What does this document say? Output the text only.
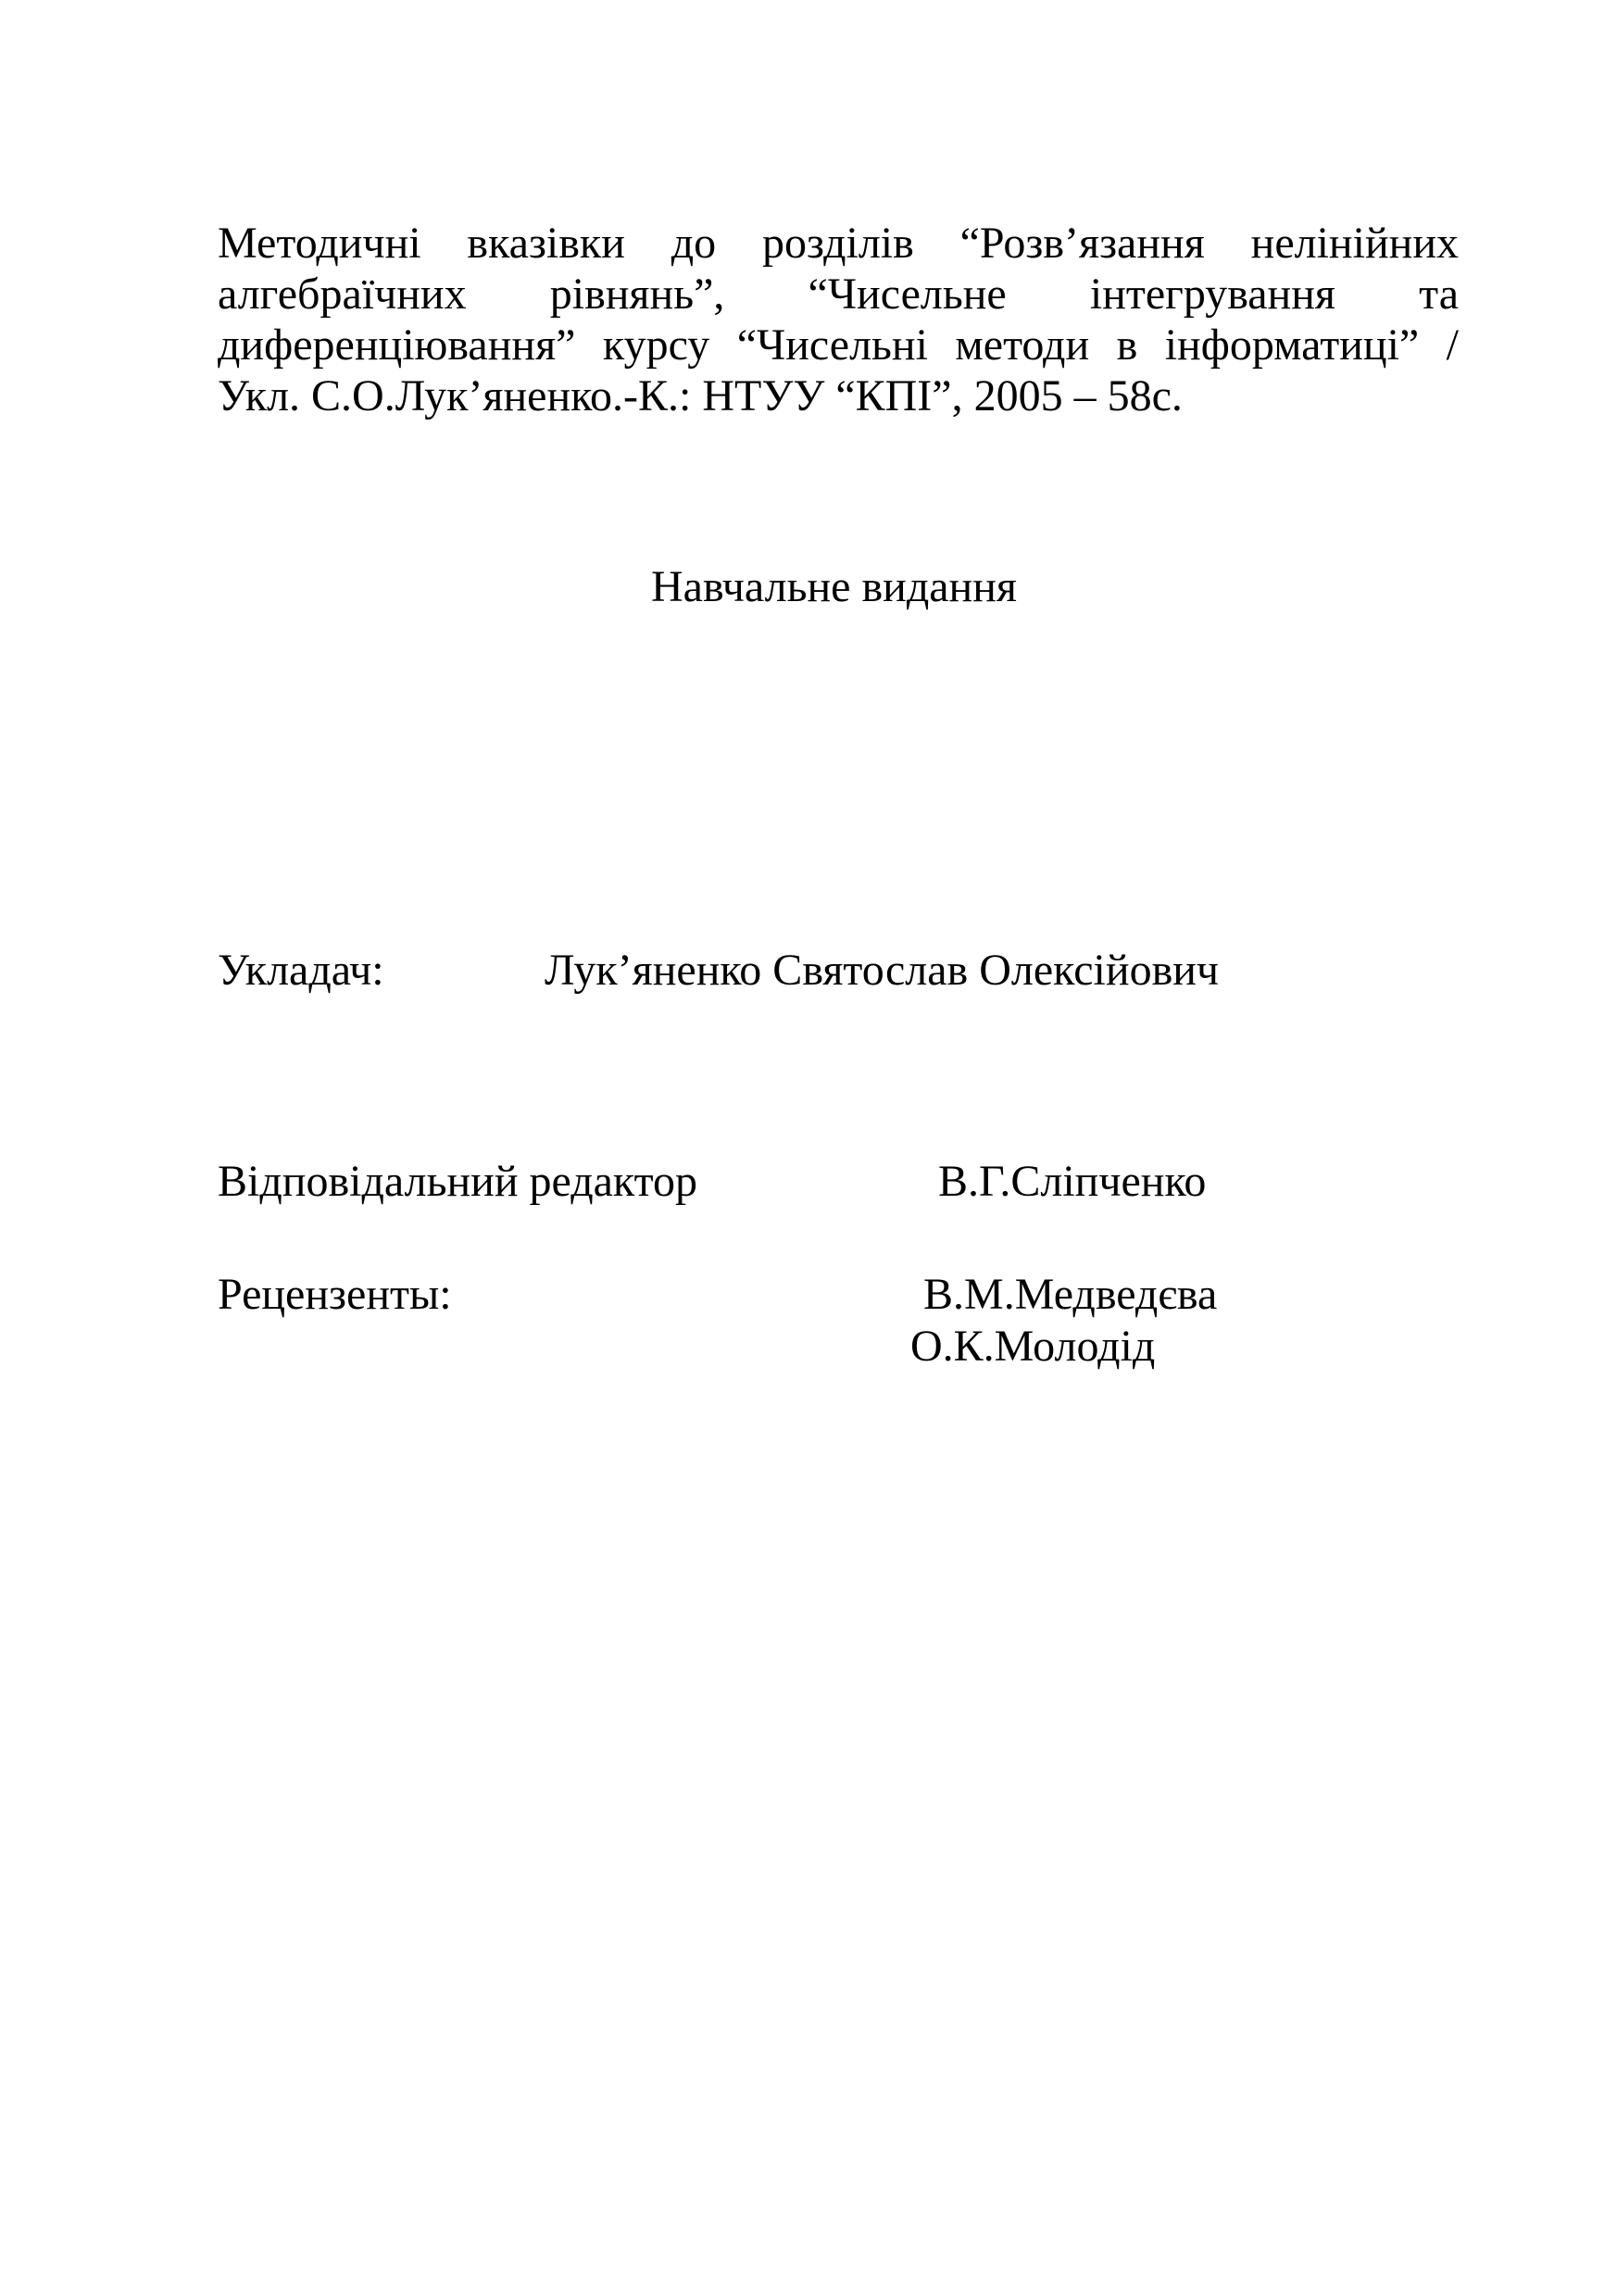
Методичні вказівки до розділів “Розв’язання нелінійних
алгебраїчних рівнянь”, “Чисельне інтегрування та
диференціювання” курсу “Чисельні методи в інформатиці” /
Укл. С.О.Лук’яненко.-К.: НТУУ “КПІ”, 2005 – 58с.

Навчальне видання

Укладач:	Лук’яненко Святослав Олексійович
Відповідальний редактор	В.Г.Сліпченко
Рецензенты:	В.М.Медведєва
О.К.Молодід
